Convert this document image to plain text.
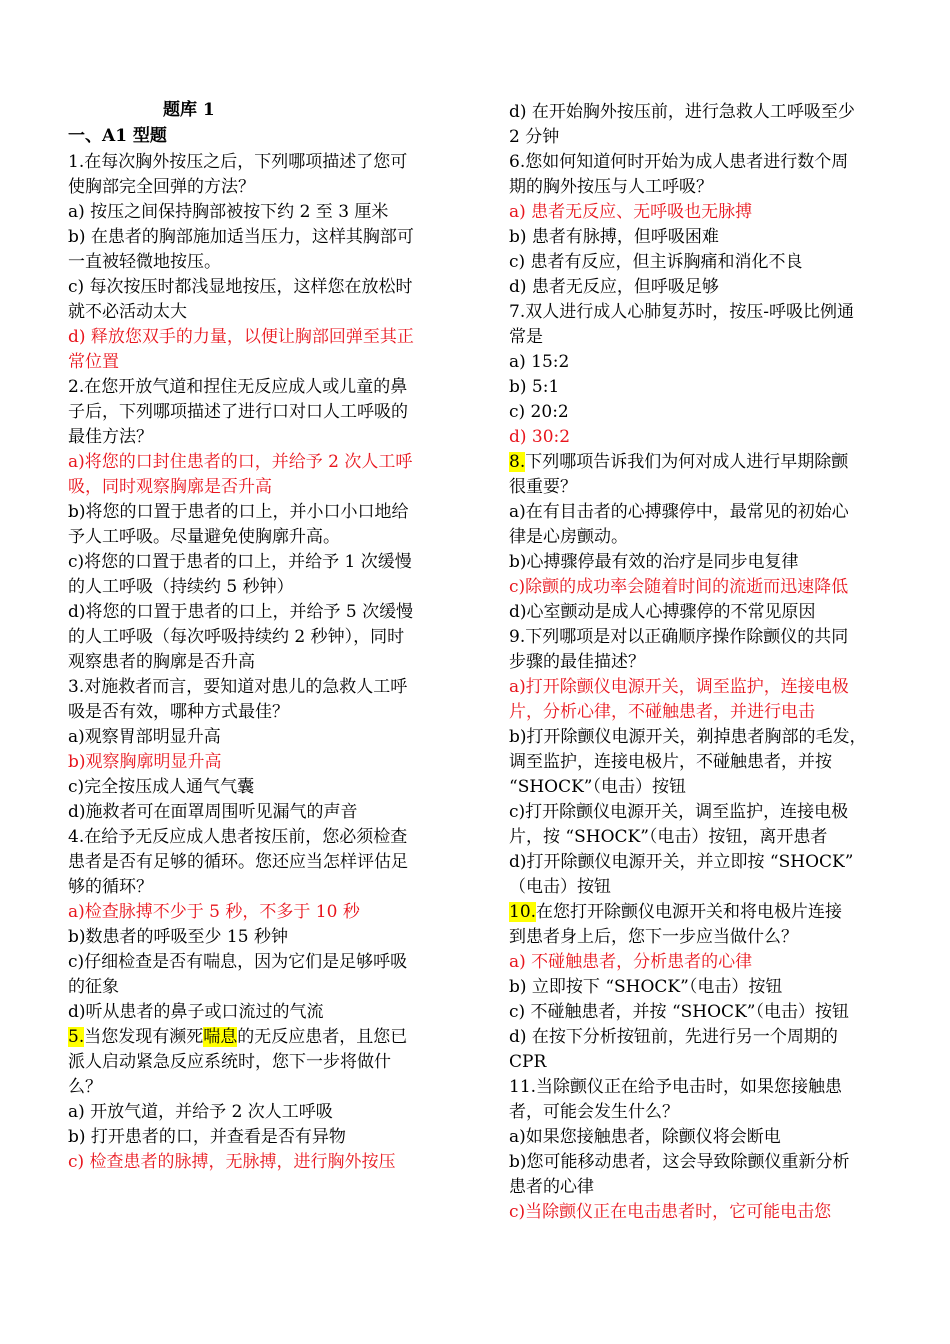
题库 1
一、A1 型题
1.在每次胸外按压之后，下列哪项描述了您可
使胸部完全回弹的方法？
a) 按压之间保持胸部被按下约 2 至 3 厘米
b) 在患者的胸部施加适当压力，这样其胸部可
一直被轻微地按压。
c) 每次按压时都浅显地按压，这样您在放松时
就不必活动太大
d) 释放您双手的力量，以便让胸部回弹至其正
常位置
2.在您开放气道和捏住无反应成人或儿童的鼻
子后，下列哪项描述了进行口对口人工呼吸的
最佳方法？
a)将您的口封住患者的口，并给予 2 次人工呼
吸，同时观察胸廓是否升高
b)将您的口置于患者的口上，并小口小口地给
予人工呼吸。尽量避免使胸廓升高。
c)将您的口置于患者的口上，并给予 1 次缓慢
的人工呼吸（持续约 5 秒钟）
d)将您的口置于患者的口上，并给予 5 次缓慢
的人工呼吸（每次呼吸持续约 2 秒钟），同时
观察患者的胸廓是否升高
3.对施救者而言，要知道对患儿的急救人工呼
吸是否有效，哪种方式最佳？
a)观察胃部明显升高
b)观察胸廓明显升高
c)完全按压成人通气气囊
d)施救者可在面罩周围听见漏气的声音
4.在给予无反应成人患者按压前，您必须检查
患者是否有足够的循环。您还应当怎样评估足
够的循环？
a)检查脉搏不少于 5 秒，不多于 10 秒
b)数患者的呼吸至少 15 秒钟
c)仔细检查是否有喘息，因为它们是足够呼吸
的征象
d)听从患者的鼻子或口流过的气流
5.当您发现有濒死喘息的无反应患者，且您已
派人启动紧急反应系统时，您下一步将做什
么？
a) 开放气道，并给予 2 次人工呼吸
b) 打开患者的口，并查看是否有异物
c) 检查患者的脉搏，无脉搏，进行胸外按压
d) 在开始胸外按压前，进行急救人工呼吸至少
2 分钟
6.您如何知道何时开始为成人患者进行数个周
期的胸外按压与人工呼吸？
a) 患者无反应、无呼吸也无脉搏
b) 患者有脉搏，但呼吸困难
c) 患者有反应，但主诉胸痛和消化不良
d) 患者无反应，但呼吸足够
7.双人进行成人心肺复苏时，按压-呼吸比例通
常是
a) 15:2
b) 5:1
c) 20:2
d) 30:2
8.下列哪项告诉我们为何对成人进行早期除颤
很重要？
a)在有目击者的心搏骤停中，最常见的初始心
律是心房颤动。
b)心搏骤停最有效的治疗是同步电复律
c)除颤的成功率会随着时间的流逝而迅速降低
d)心室颤动是成人心搏骤停的不常见原因
9.下列哪项是对以正确顺序操作除颤仪的共同
步骤的最佳描述？
a)打开除颤仪电源开关，调至监护，连接电极
片，分析心律，不碰触患者，并进行电击
b)打开除颤仪电源开关，剃掉患者胸部的毛发，
调至监护，连接电极片，不碰触患者，并按
“SHOCK”（电击）按钮
c)打开除颤仪电源开关，调至监护，连接电极
片，按 “SHOCK”（电击）按钮，离开患者
d)打开除颤仪电源开关，并立即按 “SHOCK”
（电击）按钮
10.在您打开除颤仪电源开关和将电极片连接
到患者身上后，您下一步应当做什么？
a) 不碰触患者，分析患者的心律
b) 立即按下 “SHOCK”（电击）按钮
c) 不碰触患者，并按 “SHOCK”（电击）按钮
d) 在按下分析按钮前，先进行另一个周期的
CPR
11.当除颤仪正在给予电击时，如果您接触患
者，可能会发生什么？
a)如果您接触患者，除颤仪将会断电
b)您可能移动患者，这会导致除颤仪重新分析
患者的心律
c)当除颤仪正在电击患者时，它可能电击您
